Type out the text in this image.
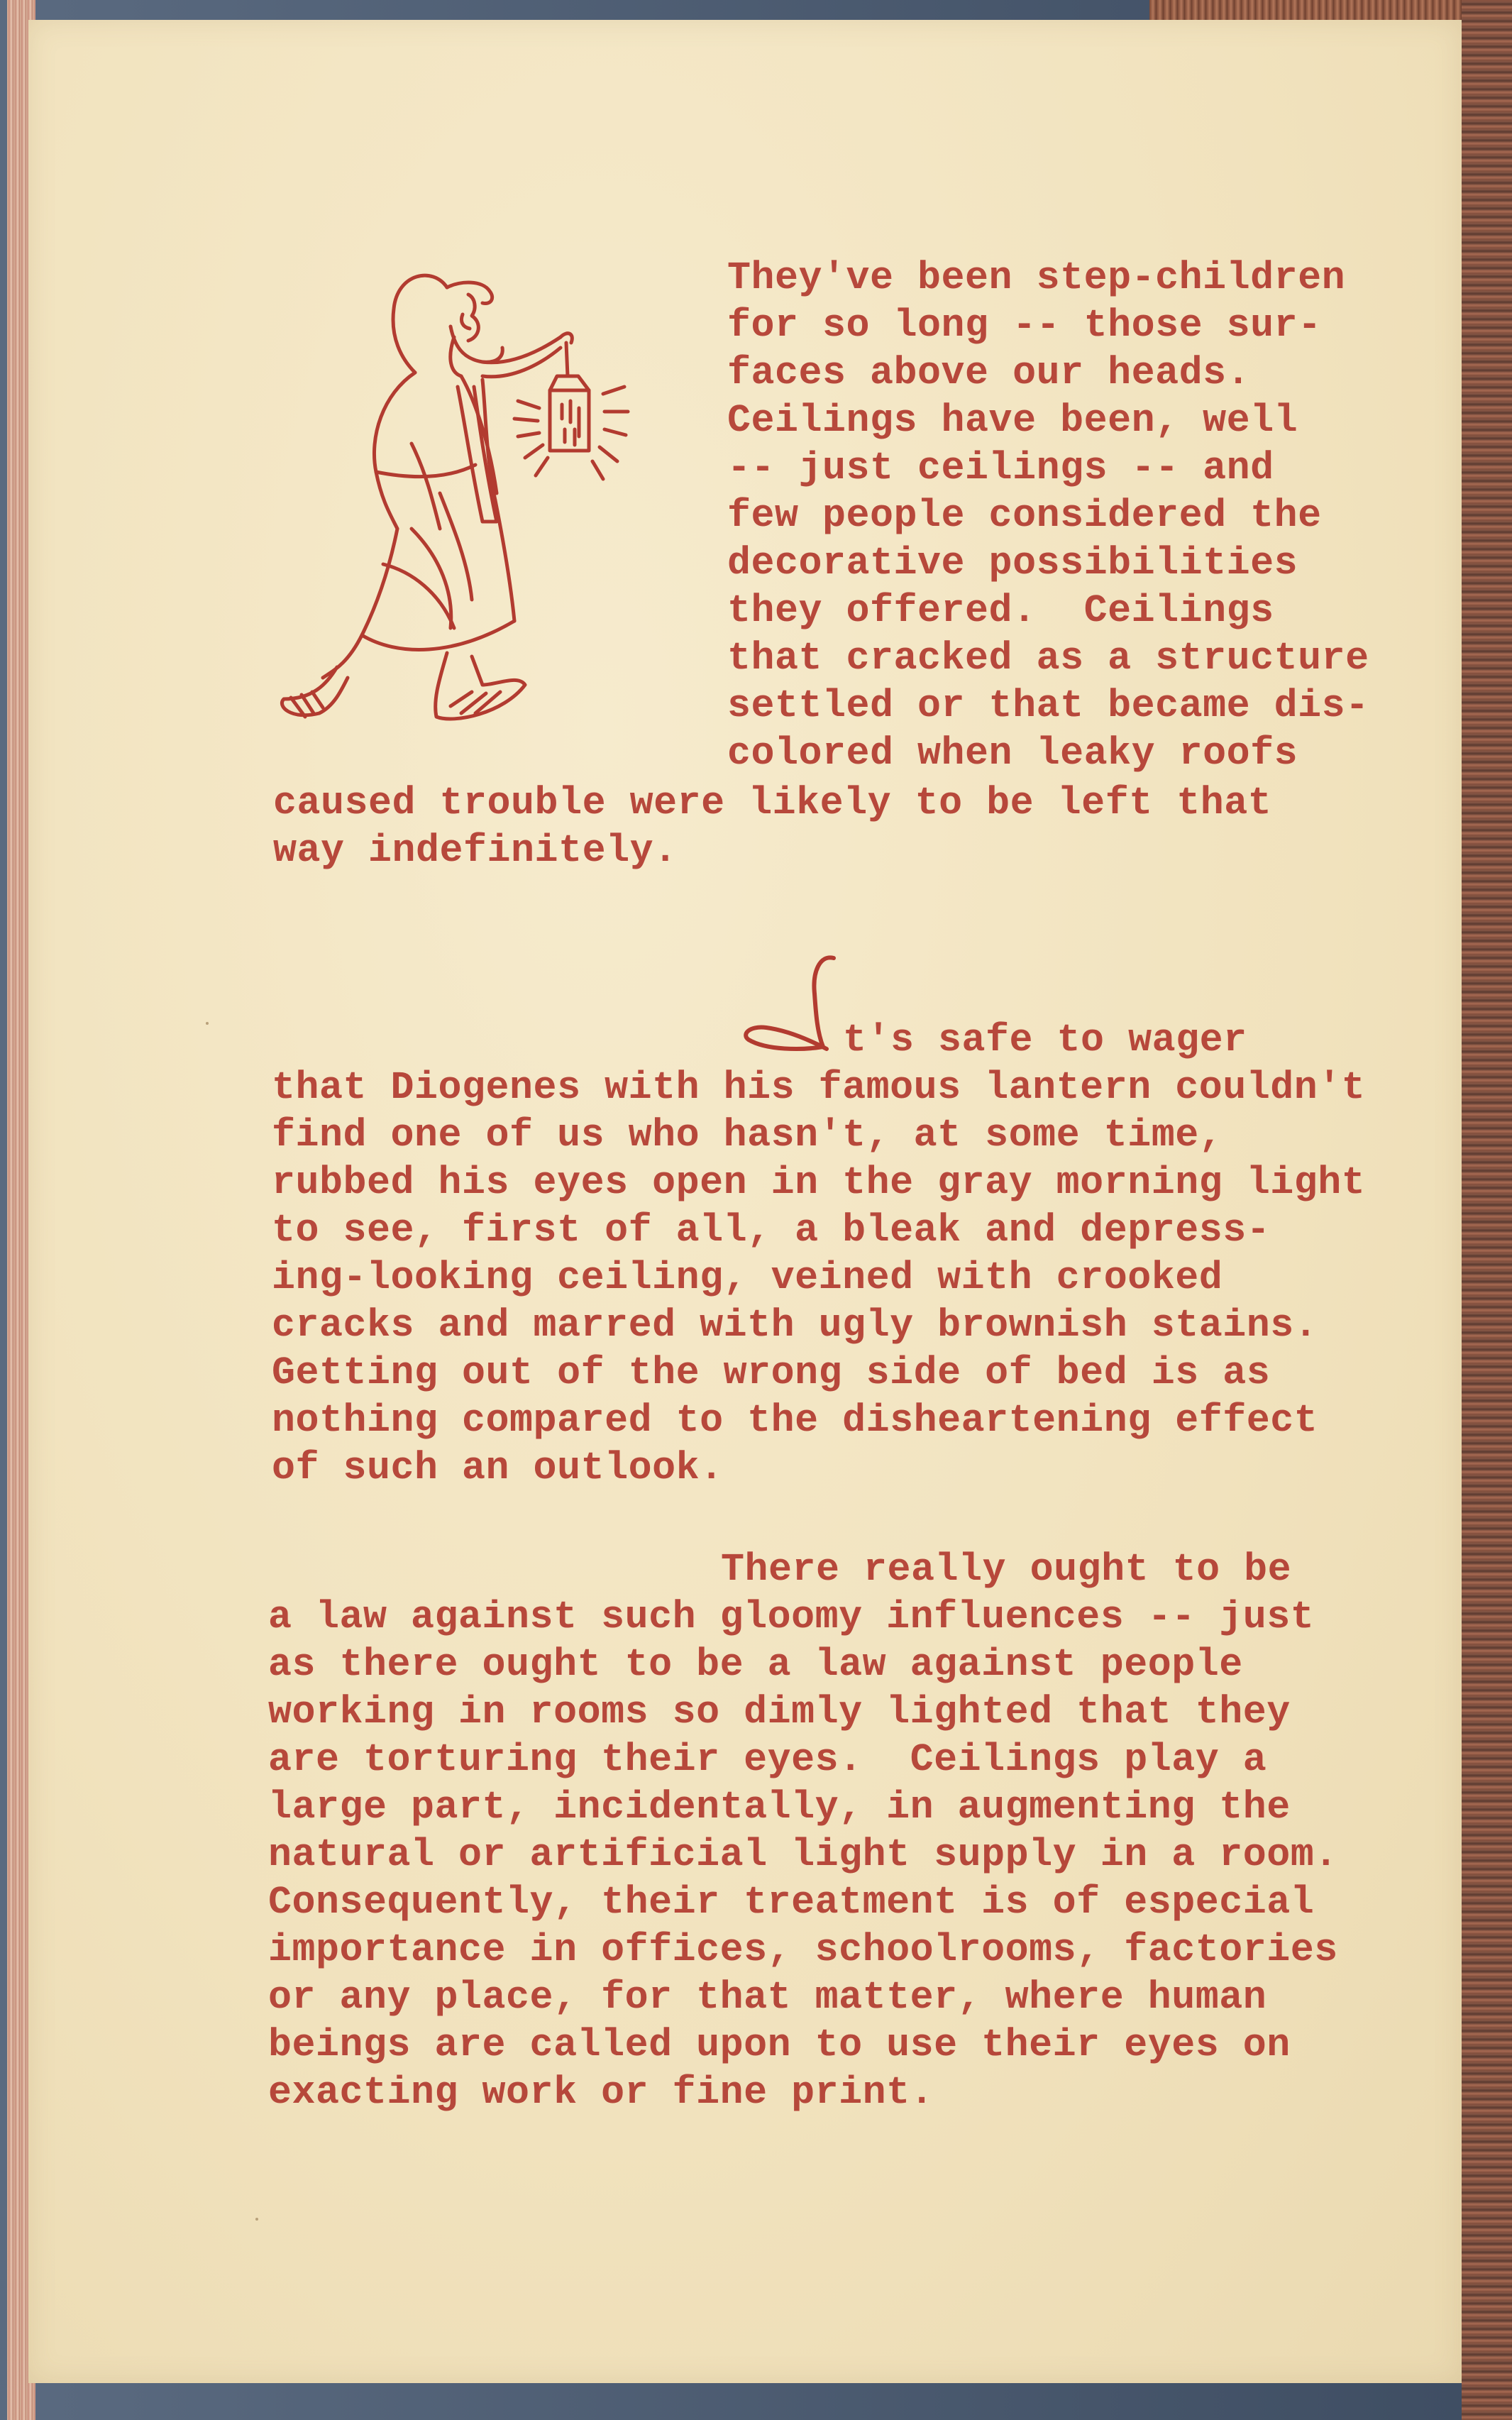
They've been step-children
for so long -- those sur-
faces above our heads.
Ceilings have been, well
-- just ceilings -- and
few people considered the
decorative possibilities
they offered.  Ceilings
that cracked as a structure
settled or that became dis-
colored when leaky roofs
caused trouble were likely to be left that
way indefinitely.
t's safe to wager
that Diogenes with his famous lantern couldn't
find one of us who hasn't, at some time,
rubbed his eyes open in the gray morning light
to see, first of all, a bleak and depress-
ing-looking ceiling, veined with crooked
cracks and marred with ugly brownish stains.
Getting out of the wrong side of bed is as
nothing compared to the disheartening effect
of such an outlook.
There really ought to be
a law against such gloomy influences -- just
as there ought to be a law against people
working in rooms so dimly lighted that they
are torturing their eyes.  Ceilings play a
large part, incidentally, in augmenting the
natural or artificial light supply in a room.
Consequently, their treatment is of especial
importance in offices, schoolrooms, factories
or any place, for that matter, where human
beings are called upon to use their eyes on
exacting work or fine print.
